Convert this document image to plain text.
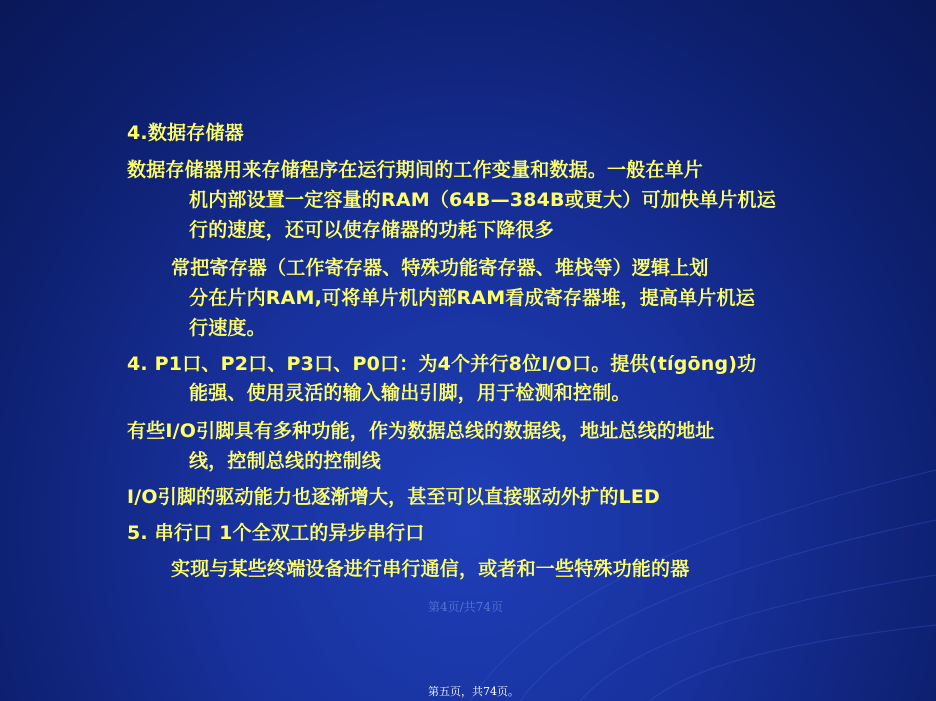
4.数据存储器
数据存储器用来存储程序在运行期间的工作变量和数据。一般在单片
机内部设置一定容量的RAM（64B—384B或更大）可加快单片机运
行的速度，还可以使存储器的功耗下降很多
常把寄存器（工作寄存器、特殊功能寄存器、堆栈等）逻辑上划
分在片内RAM,可将单片机内部RAM看成寄存器堆，提高单片机运
行速度。
4. P1口、P2口、P3口、P0口：为4个并行8位I/O口。提供(tígōng)功
能强、使用灵活的输入输出引脚，用于检测和控制。
有些I/O引脚具有多种功能，作为数据总线的数据线，地址总线的地址
线，控制总线的控制线
I/O引脚的驱动能力也逐渐增大，甚至可以直接驱动外扩的LED
5. 串行口 1个全双工的异步串行口
实现与某些终端设备进行串行通信，或者和一些特殊功能的器
第4页/共74页
第五页，共74页。
